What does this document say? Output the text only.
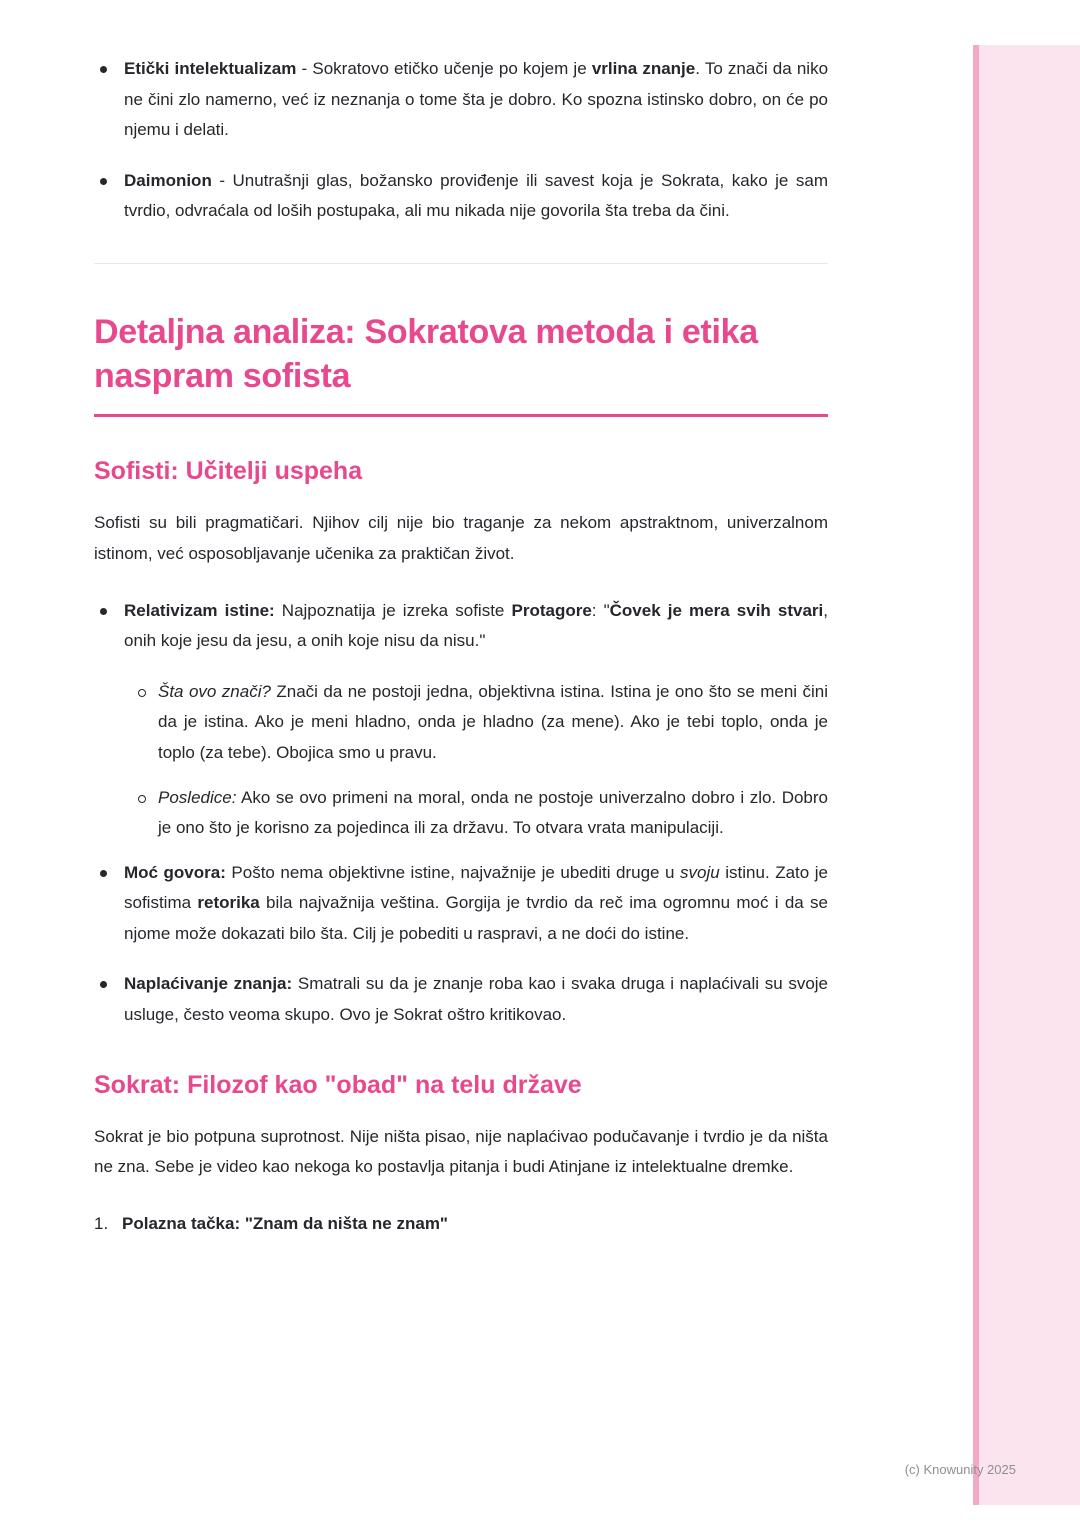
Etički intelektualizam - Sokratovo etičko učenje po kojem je vrlina znanje. To znači da niko ne čini zlo namerno, već iz neznanja o tome šta je dobro. Ko spozna istinsko dobro, on će po njemu i delati.
Daimonion - Unutrašnji glas, božansko proviđenje ili savest koja je Sokrata, kako je sam tvrdio, odvraćala od loših postupaka, ali mu nikada nije govorila šta treba da čini.
Detaljna analiza: Sokratova metoda i etika naspram sofista
Sofisti: Učitelji uspeha

Sofisti su bili pragmatičari. Njihov cilj nije bio traganje za nekom apstraktnom, univerzalnom istinom, već osposobljavanje učenika za praktičan život.

Relativizam istine: Najpoznatija je izreka sofiste Protagore: "Čovek je mera svih stvari, onih koje jesu da jesu, a onih koje nisu da nisu."
Šta ovo znači? Znači da ne postoji jedna, objektivna istina. Istina je ono što se meni čini da je istina. Ako je meni hladno, onda je hladno (za mene). Ako je tebi toplo, onda je toplo (za tebe). Obojica smo u pravu.
Posledice: Ako se ovo primeni na moral, onda ne postoje univerzalno dobro i zlo. Dobro je ono što je korisno za pojedinca ili za državu. To otvara vrata manipulaciji.
Moć govora: Pošto nema objektivne istine, najvažnije je ubediti druge u svoju istinu. Zato je sofistima retorika bila najvažnija veština. Gorgija je tvrdio da reč ima ogromnu moć i da se njome može dokazati bilo šta. Cilj je pobediti u raspravi, a ne doći do istine.
Naplaćivanje znanja: Smatrali su da je znanje roba kao i svaka druga i naplaćivali su svoje usluge, često veoma skupo. Ovo je Sokrat oštro kritikovao.
Sokrat: Filozof kao "obad" na telu države

Sokrat je bio potpuna suprotnost. Nije ništa pisao, nije naplaćivao podučavanje i tvrdio je da ništa ne zna. Sebe je video kao nekoga ko postavlja pitanja i budi Atinjane iz intelektualne dremke.

1. Polazna tačka: "Znam da ništa ne znam"
(c) Knowunity 2025
